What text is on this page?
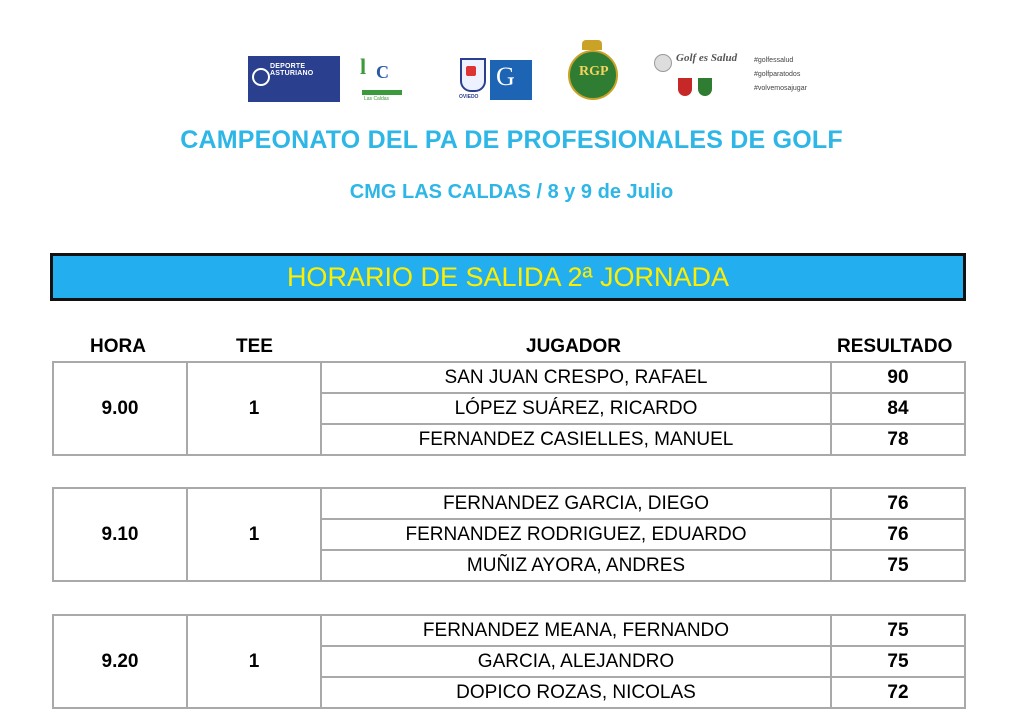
DEPORTE ASTURIANO	l C
Las Caldas	OVIEDO
G	RGP
Golf es Salud #golfessalud
#golfparatodos
#volvemosajugar
CAMPEONATO DEL PA DE PROFESIONALES DE GOLF
CMG LAS CALDAS / 8 y 9 de Julio
HORARIO DE SALIDA 2ª JORNADA
HORA	TEE	JUGADOR	RESULTADO
9.00	1	SAN JUAN CRESPO, RAFAEL	90
		LÓPEZ SUÁREZ, RICARDO	84
		FERNANDEZ CASIELLES, MANUEL	78
9.10	1	FERNANDEZ GARCIA, DIEGO	76
		FERNANDEZ RODRIGUEZ, EDUARDO	76
		MUÑIZ AYORA, ANDRES	75
9.20	1	FERNANDEZ MEANA, FERNANDO	75
		GARCIA, ALEJANDRO	75
		DOPICO ROZAS, NICOLAS	72
